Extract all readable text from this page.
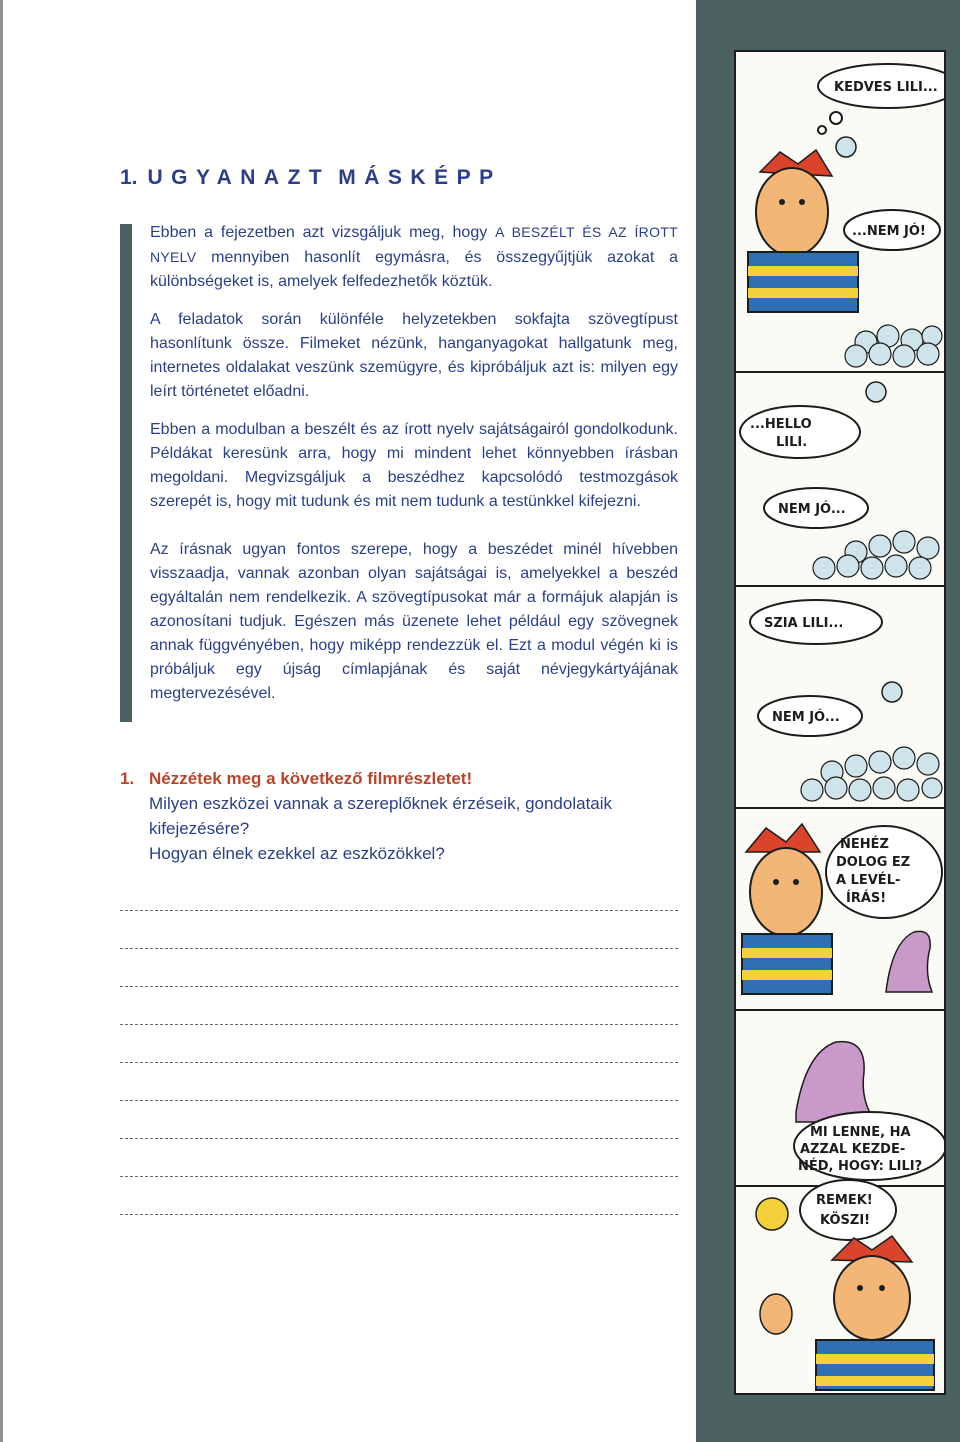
1. UGYANAZT MÁSKÉPP

Ebben a fejezetben azt vizsgáljuk meg, hogy A BESZÉLT ÉS AZ ÍROTT NYELV mennyiben hasonlít egymásra, és összegyűjtjük azokat a különbségeket is, amelyek felfedezhetők köztük.

A feladatok során különféle helyzetekben sokfajta szövegtípust hasonlítunk össze. Filmeket nézünk, hanganyagokat hallgatunk meg, internetes oldalakat veszünk szemügyre, és kipróbáljuk azt is: milyen egy leírt történetet előadni.

Ebben a modulban a beszélt és az írott nyelv sajátságairól gondolkodunk. Példákat keresünk arra, hogy mi mindent lehet könnyebben írásban megoldani. Megvizsgáljuk a beszédhez kapcsolódó testmozgások szerepét is, hogy mit tudunk és mit nem tudunk a testünkkel kifejezni.

Az írásnak ugyan fontos szerepe, hogy a beszédet minél hívebben visszaadja, vannak azonban olyan sajátságai is, amelyekkel a beszéd egyáltalán nem rendelkezik. A szövegtípusokat már a formájuk alapján is azonosítani tudjuk. Egészen más üzenete lehet például egy szövegnek annak függvényében, hogy miképp rendezzük el. Ezt a modul végén ki is próbáljuk egy újság címlapjának és saját névjegykártyájának megtervezésével.

1. Nézzétek meg a következő filmrészletet!
Milyen eszközei vannak a szereplőknek érzéseik, gondolataik kifejezésére?
Hogyan élnek ezekkel az eszközökkel?
KEDVES LILI...
...NEM JÓ!
...HELLO
LILI.
NEM JÓ...
SZIA LILI...
NEM JÓ...
NEHÉZ
DOLOG EZ
A LEVÉL-
ÍRÁS!
MI LENNE, HA
AZZAL KEZDE-
NÉD, HOGY: LILI?
REMEK!
KÖSZI!
